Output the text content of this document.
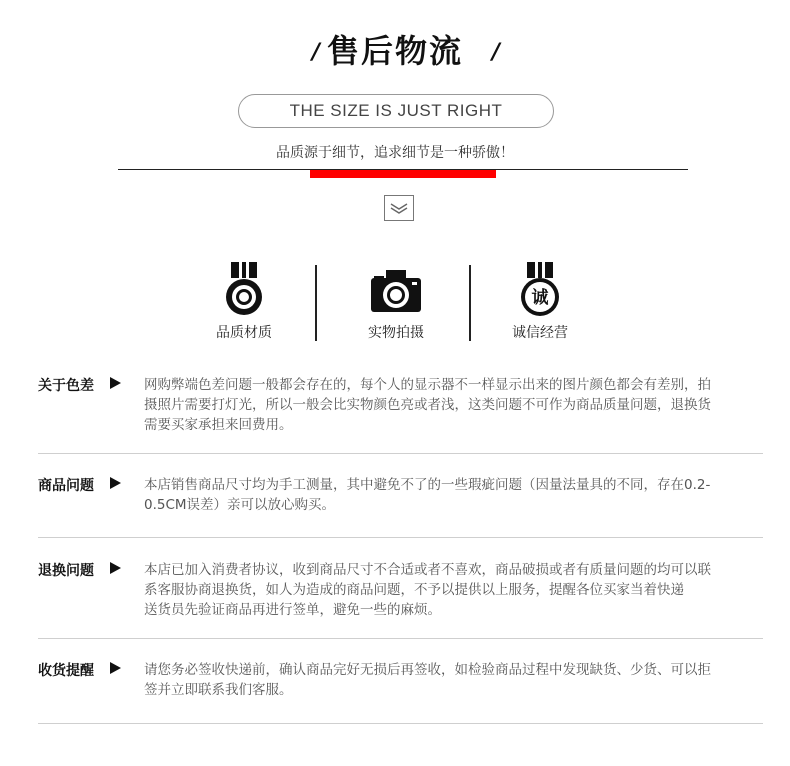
/ 售后物流	/
THE SIZE IS JUST RIGHT
品质源于细节，追求细节是一种骄傲！
品质材质	实物拍摄
诚
诚信经营
关于色差	网购弊端色差问题一般都会存在的，每个人的显示器不一样显示出来的图片颜色都会有差别，拍
摄照片需要打灯光，所以一般会比实物颜色亮或者浅，这类问题不可作为商品质量问题，退换货
需要买家承担来回费用。
商品问题	本店销售商品尺寸均为手工测量，其中避免不了的一些瑕疵问题（因量法量具的不同，存在0.2-
0.5CM误差）亲可以放心购买。
退换问题	本店已加入消费者协议，收到商品尺寸不合适或者不喜欢，商品破损或者有质量问题的均可以联
系客服协商退换货，如人为造成的商品问题，不予以提供以上服务，提醒各位买家当着快递
送货员先验证商品再进行签单，避免一些的麻烦。
收货提醒	请您务必签收快递前，确认商品完好无损后再签收，如检验商品过程中发现缺货、少货、可以拒
签并立即联系我们客服。
